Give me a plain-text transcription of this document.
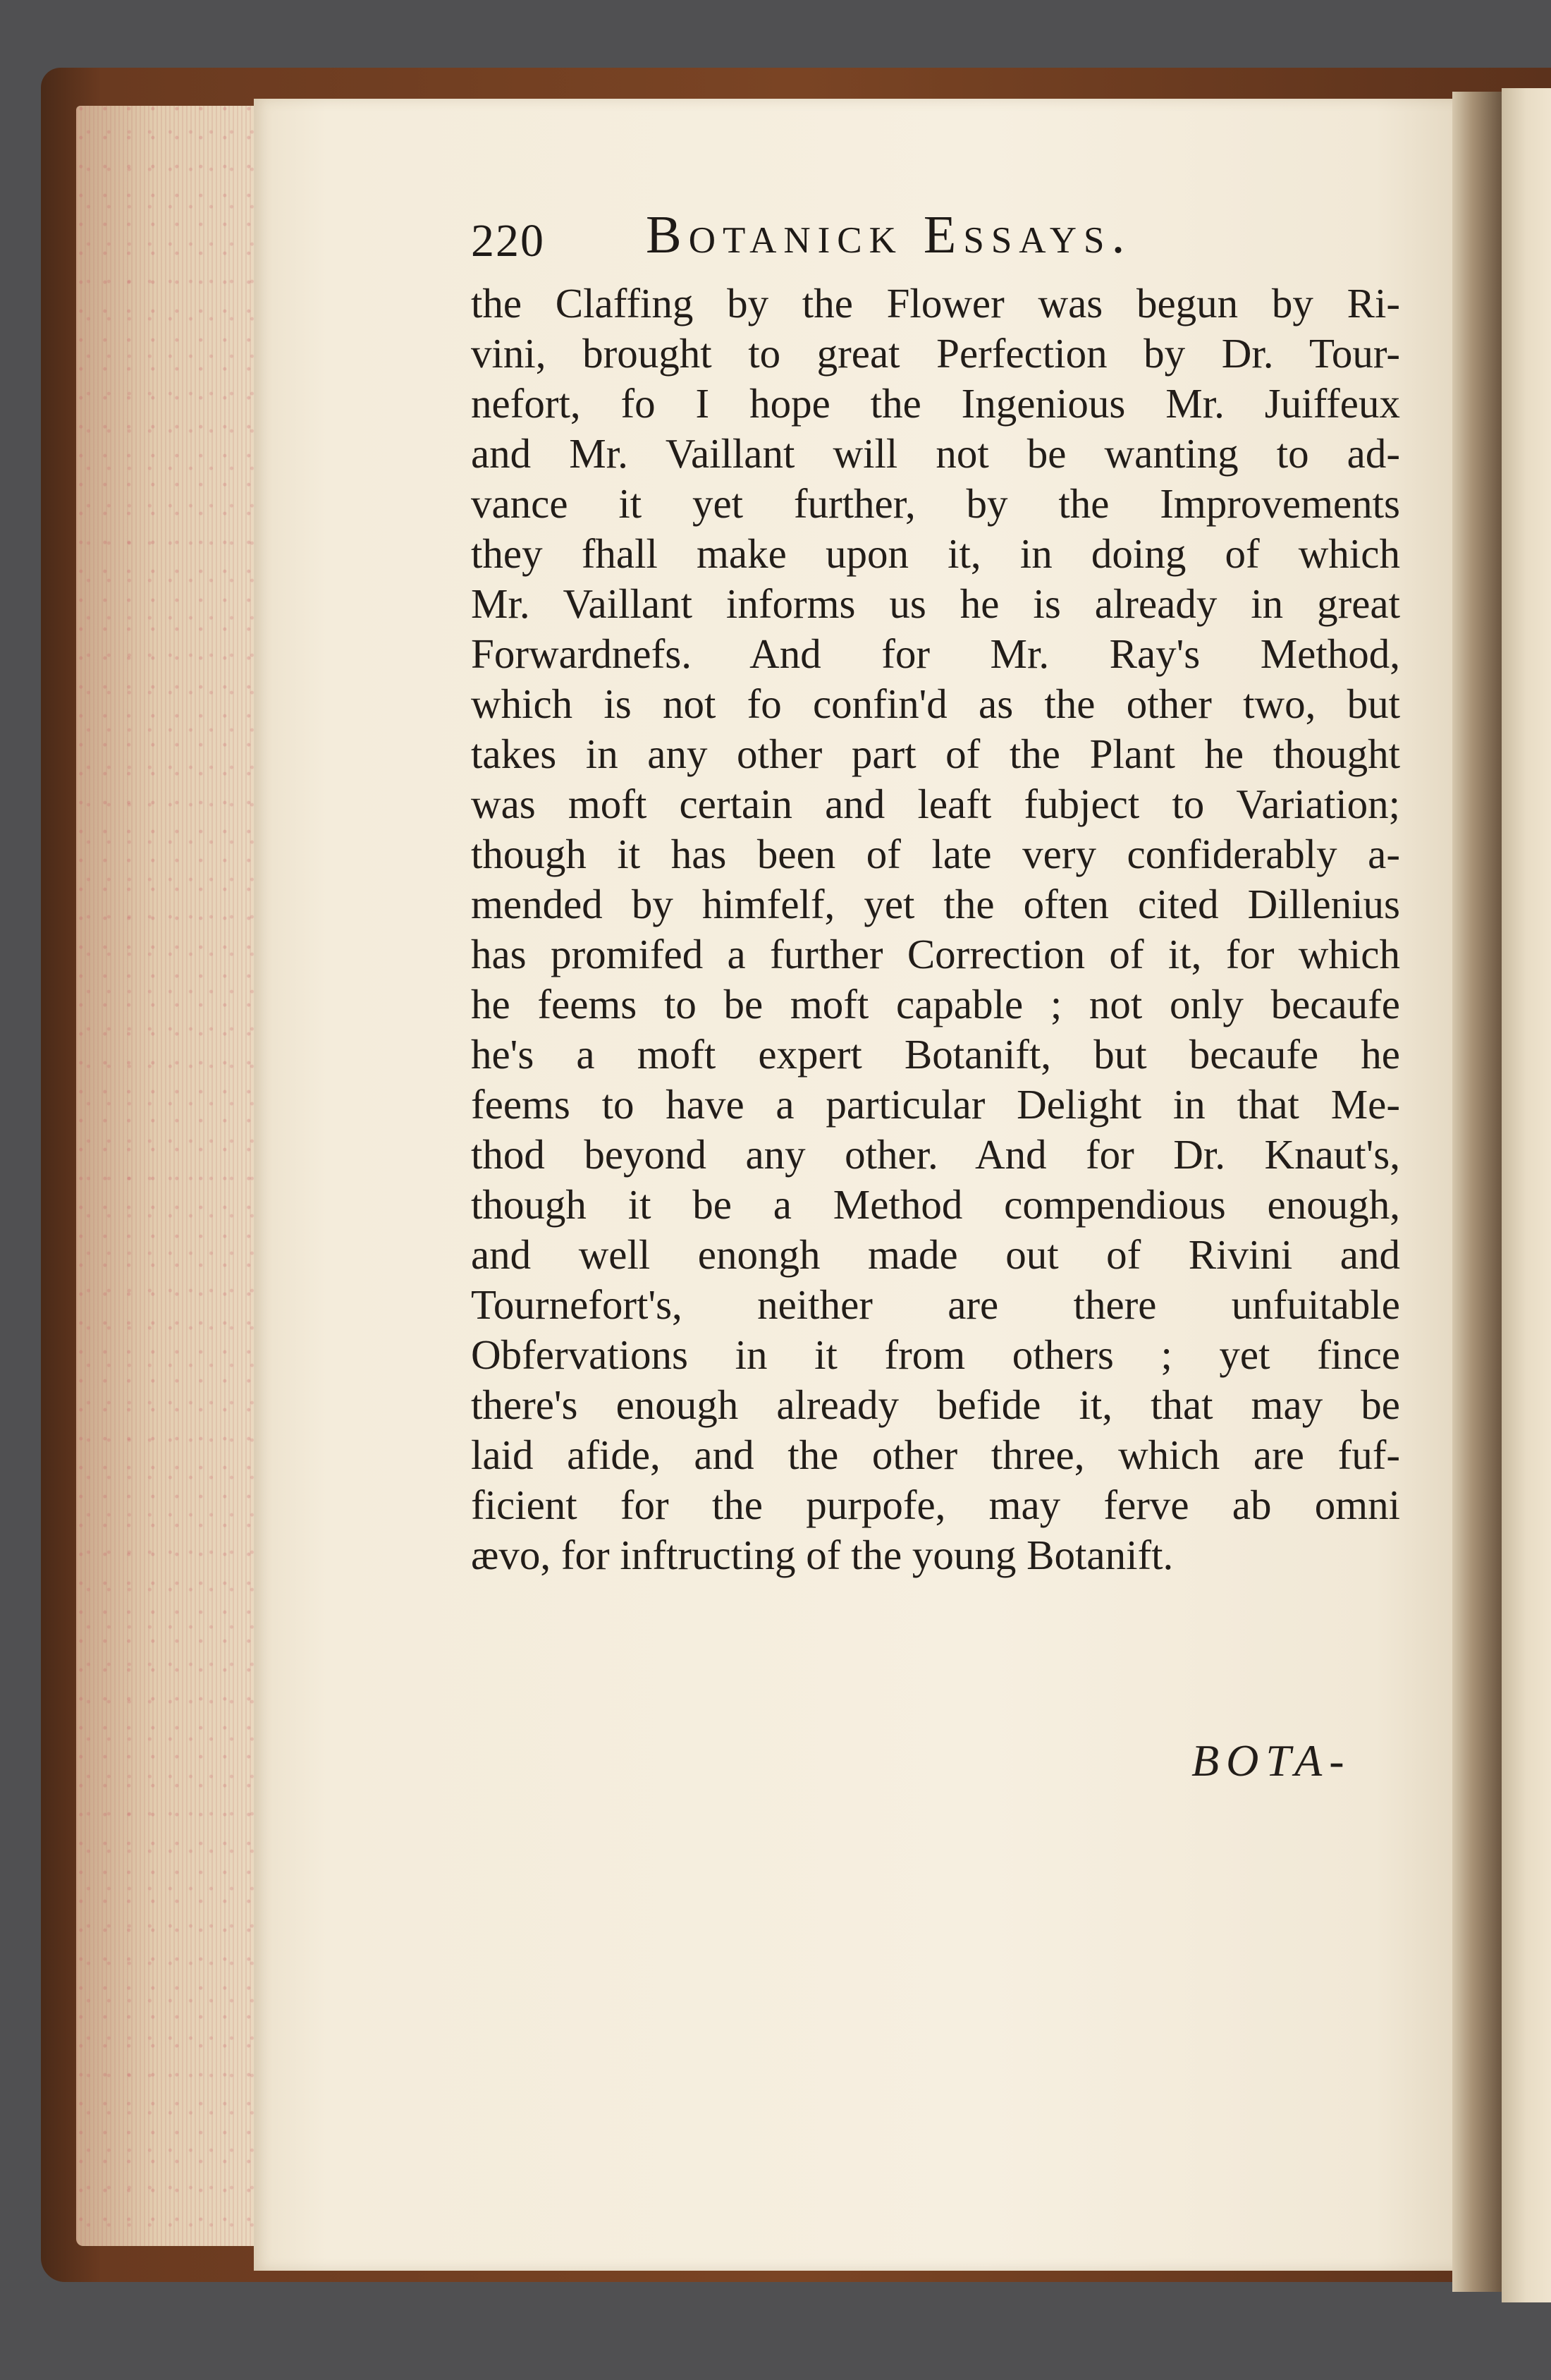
220 Botanick Essays.
the Claffing by the Flower was begun by Ri-
vini, brought to great Perfection by Dr. Tour-
nefort, fo I hope the Ingenious Mr. Juiffeux
and Mr. Vaillant will not be wanting to ad-
vance it yet further, by the Improvements
they fhall make upon it, in doing of which
Mr. Vaillant informs us he is already in great
Forwardnefs. And for Mr. Ray's Method,
which is not fo confin'd as the other two, but
takes in any other part of the Plant he thought
was moft certain and leaft fubject to Variation;
though it has been of late very confiderably a-
mended by himfelf, yet the often cited Dillenius
has promifed a further Correction of it, for which
he feems to be moft capable ; not only becaufe
he's a moft expert Botanift, but becaufe he
feems to have a particular Delight in that Me-
thod beyond any other. And for Dr. Knaut's,
though it be a Method compendious enough,
and well enongh made out of Rivini and
Tournefort's, neither are there unfuitable
Obfervations in it from others ; yet fince
there's enough already befide it, that may be
laid afide, and the other three, which are fuf-
ficient for the purpofe, may ferve ab omni
ævo, for inftructing of the young Botanift.
BOTA-
